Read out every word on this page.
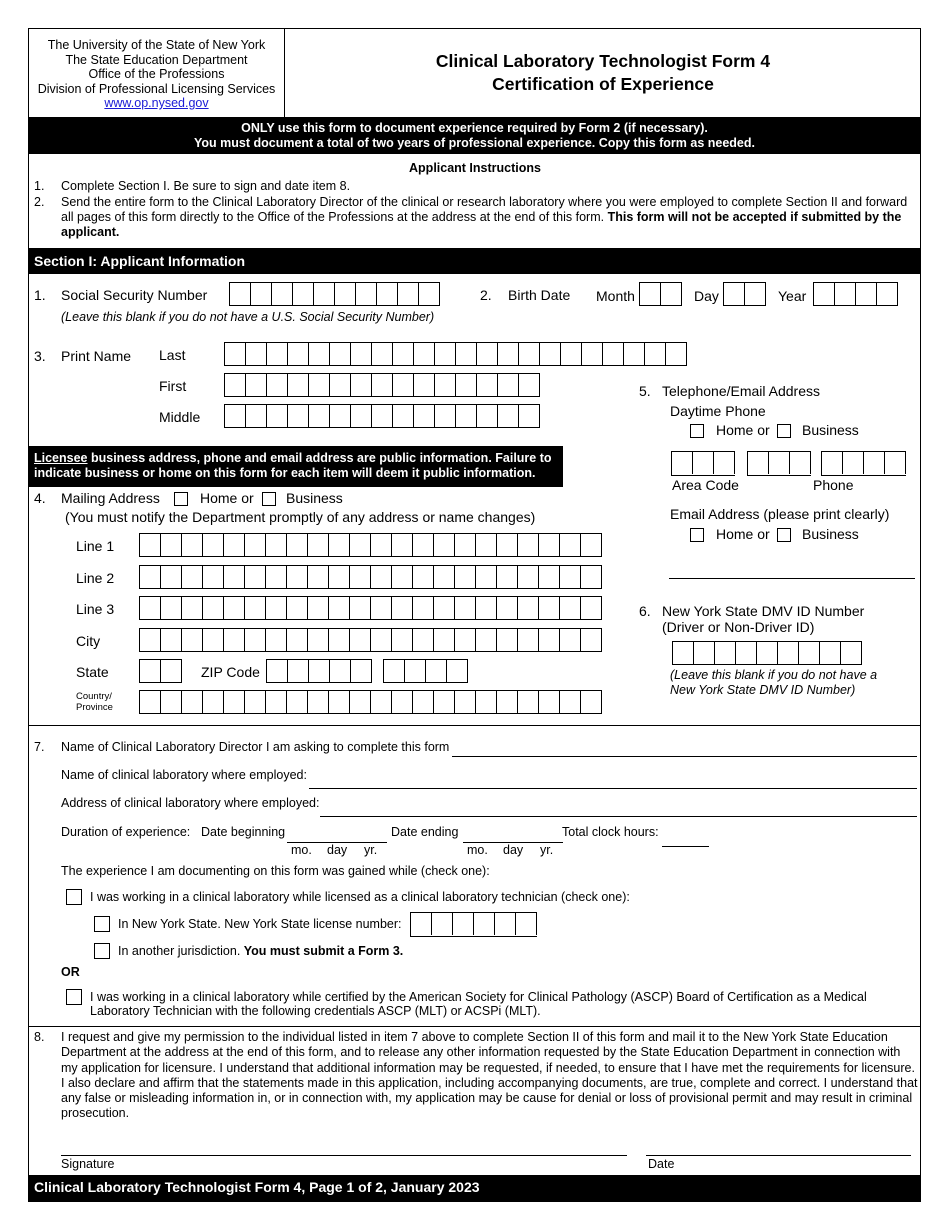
The University of the State of New York
The State Education Department
Office of the Professions
Division of Professional Licensing Services
www.op.nysed.gov
Clinical Laboratory Technologist Form 4
Certification of Experience
ONLY use this form to document experience required by Form 2 (if necessary).
You must document a total of two years of professional experience. Copy this form as needed.
Applicant Instructions
1. Complete Section I. Be sure to sign and date item 8.
2. Send the entire form to the Clinical Laboratory Director of the clinical or research laboratory where you were employed to complete Section II and forward
all pages of this form directly to the Office of the Professions at the address at the end of this form. This form will not be accepted if submitted by the
applicant.
Section I: Applicant Information
1. Social Security Number
(Leave this blank if you do not have a U.S. Social Security Number)
2. Birth Date Month	Day	Year
3. Print Name Last
First
Middle
5. Telephone/Email Address
Daytime Phone
Home or Business
Area Code	Phone
Email Address (please print clearly)
Home or Business
Licensee business address, phone and email address are public information. Failure to
indicate business or home on this form for each item will deem it public information.
4. Mailing Address	Home or Business
(You must notify the Department promptly of any address or name changes)
Line 1
Line 2
Line 3
City
State	ZIP Code
Country/
Province
6. New York State DMV ID Number
(Driver or Non-Driver ID)
(Leave this blank if you do not have a
New York State DMV ID Number)
7. Name of Clinical Laboratory Director I am asking to complete this form
Name of clinical laboratory where employed:
Address of clinical laboratory where employed:
Duration of experience: Date beginning
mo. day yr.
Date ending
mo. day yr.
Total clock hours:
The experience I am documenting on this form was gained while (check one):
I was working in a clinical laboratory while licensed as a clinical laboratory technician (check one):
In New York State. New York State license number:
In another jurisdiction. You must submit a Form 3.
OR
I was working in a clinical laboratory while certified by the American Society for Clinical Pathology (ASCP) Board of Certification as a Medical
Laboratory Technician with the following credentials ASCP (MLT) or ACSPi (MLT).
8. I request and give my permission to the individual listed in item 7 above to complete Section II of this form and mail it to the New York State Education
Department at the address at the end of this form, and to release any other information requested by the State Education Department in connection with
my application for licensure. I understand that additional information may be requested, if needed, to ensure that I have met the requirements for licensure.
I also declare and affirm that the statements made in this application, including accompanying documents, are true, complete and correct. I understand that
any false or misleading information in, or in connection with, my application may be cause for denial or loss of provisional permit and may result in criminal
prosecution.
Signature	Date
Clinical Laboratory Technologist Form 4, Page 1 of 2, January 2023
